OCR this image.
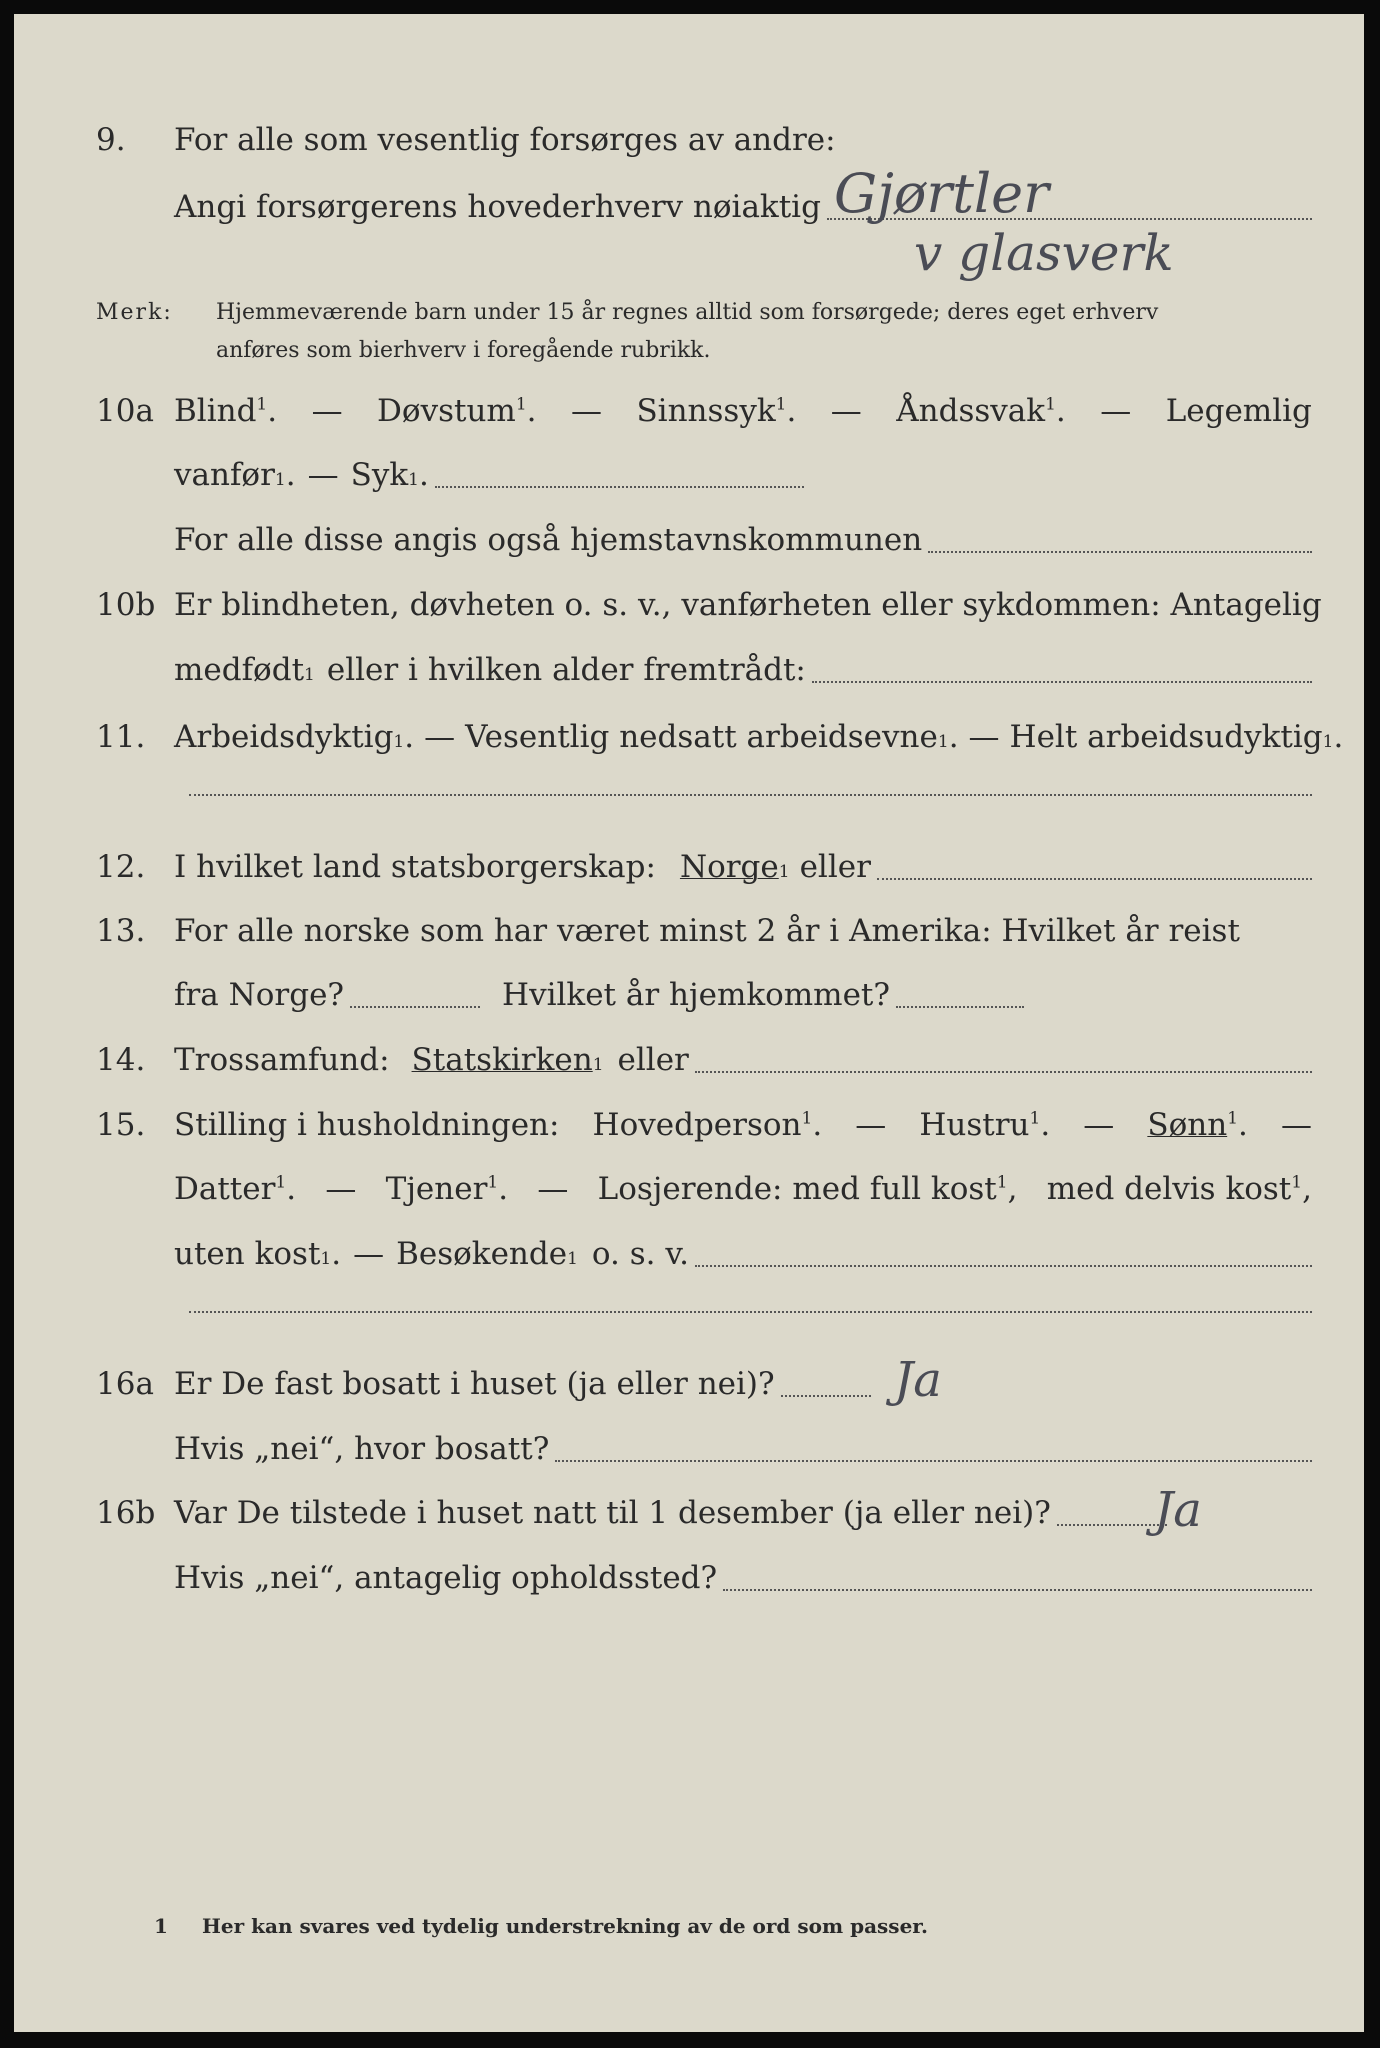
9.	For alle som vesentlig forsørges av andre:
Angi forsørgerens hovederhverv nøiaktig Gjørtler
v glasverk
Merk: Hjemmeværende barn under 15 år regnes alltid som forsørgede; deres eget erhverv
anføres som bierhverv i foregående rubrikk.
10a Blind$^1$. — Døvstum$^1$. — Sinnssyk$^1$. — Åndssvak$^1$. — Legemlig
vanfør 1 . — Syk 1 .
For alle disse angis også hjemstavnskommunen
10b Er blindheten, døvheten o. s. v., vanførheten eller sykdommen: Antagelig
medfødt 1 eller i hvilken alder fremtrådt:
11. Arbeidsdyktig 1 . — Vesentlig nedsatt arbeidsevne 1 . — Helt arbeidsudyktig 1 .
12. I hvilket land statsborgerskap: Norge 1 eller
13. For alle norske som har været minst 2 år i Amerika: Hvilket år reist
fra Norge?	Hvilket år hjemkommet?
14. Trossamfund: Statskirken 1 eller
15. Stilling i husholdningen: Hovedperson$^1$. — Hustru$^1$. — Sønn$^1$. —
Datter$^1$. — Tjener$^1$. — Losjerende: med full kost$^1$, med delvis kost$^1$,
uten kost 1 . — Besøkende 1 o. s. v.
16a Er De fast bosatt i huset (ja eller nei)? Ja
Hvis „nei“, hvor bosatt?
16b Var De tilstede i huset natt til 1 desember (ja eller nei)? Ja
Hvis „nei“, antagelig opholdssted?
1 Her kan svares ved tydelig understrekning av de ord som passer.
